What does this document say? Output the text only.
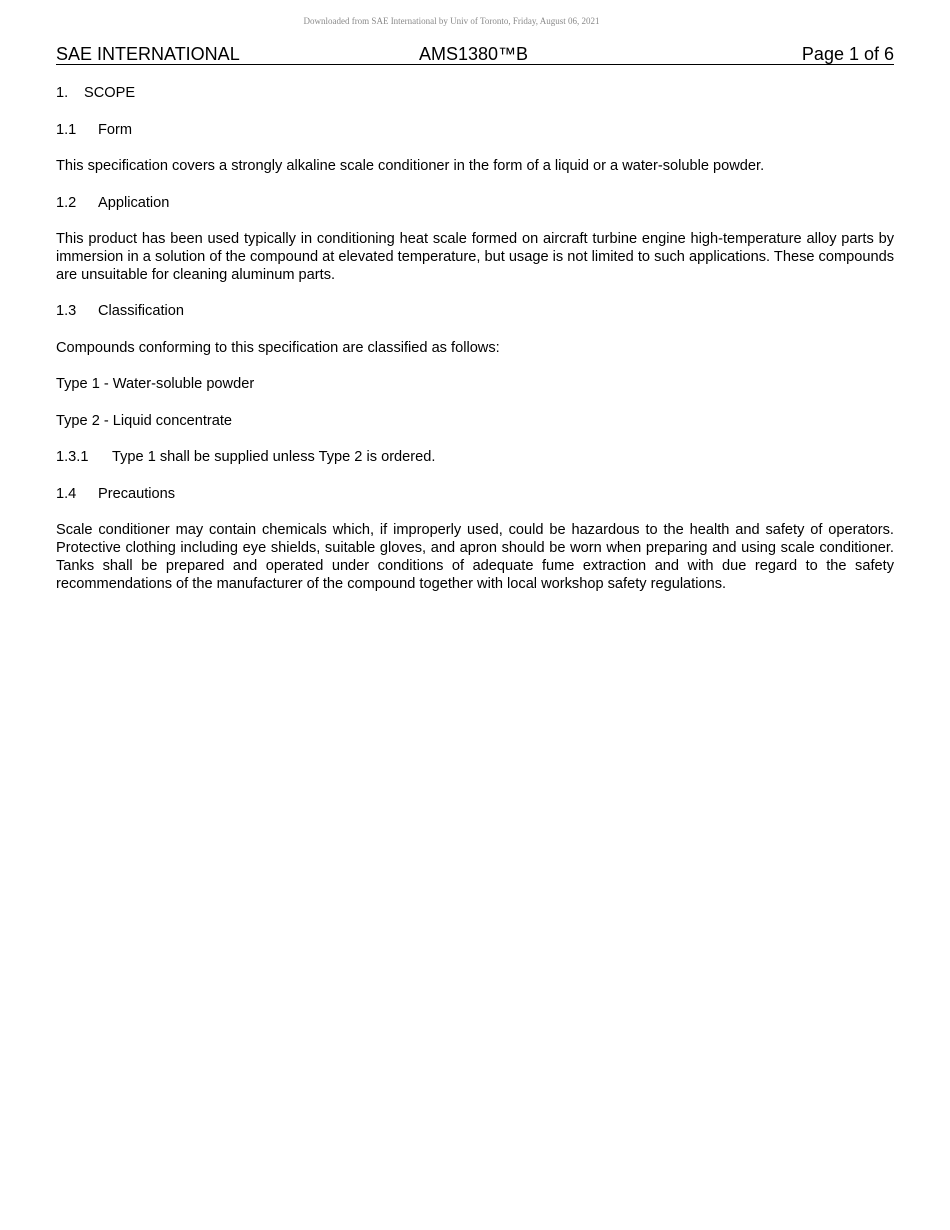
Downloaded from SAE International by Univ of Toronto, Friday, August 06, 2021
SAE INTERNATIONAL	AMS1380™B	Page 1 of 6

1. SCOPE

1.1 Form

This specification covers a strongly alkaline scale conditioner in the form of a liquid or a water-soluble powder.

1.2 Application

This product has been used typically in conditioning heat scale formed on aircraft turbine engine high-temperature alloy parts by immersion in a solution of the compound at elevated temperature, but usage is not limited to such applications. These compounds are unsuitable for cleaning aluminum parts.

1.3 Classification

Compounds conforming to this specification are classified as follows:

Type 1 - Water-soluble powder

Type 2 - Liquid concentrate

1.3.1 Type 1 shall be supplied unless Type 2 is ordered.

1.4 Precautions

Scale conditioner may contain chemicals which, if improperly used, could be hazardous to the health and safety of operators. Protective clothing including eye shields, suitable gloves, and apron should be worn when preparing and using scale conditioner. Tanks shall be prepared and operated under conditions of adequate fume extraction and with due regard to the safety recommendations of the manufacturer of the compound together with local workshop safety regulations.
